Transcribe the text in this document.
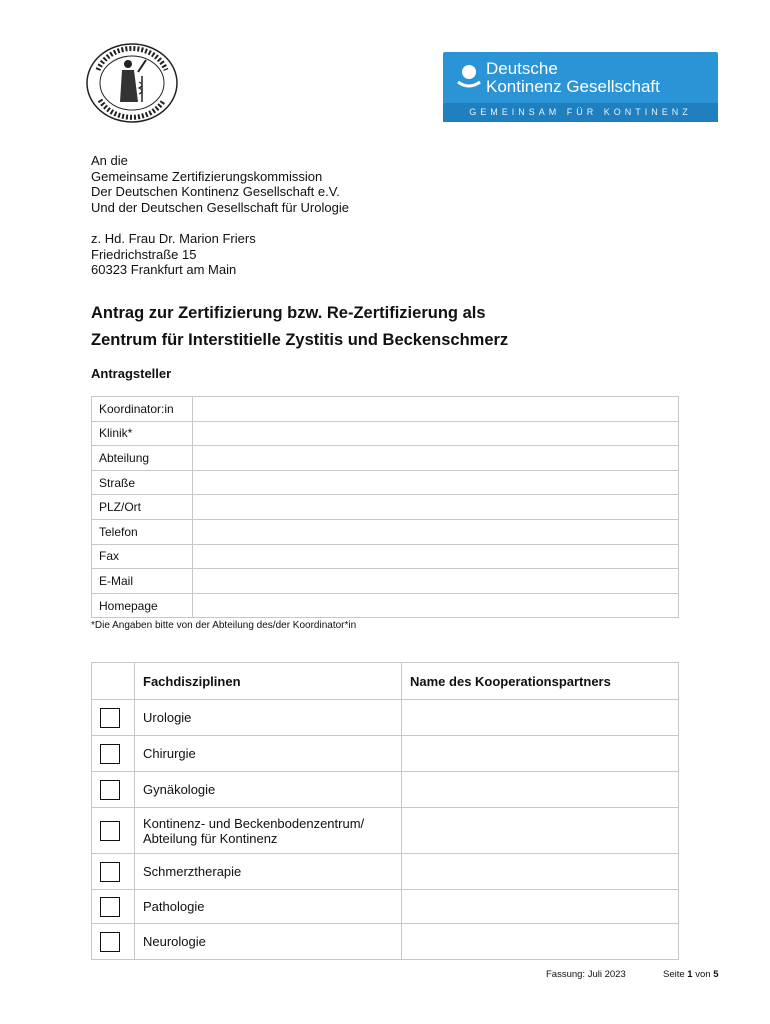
Deutsche
Kontinenz Gesellschaft
GEMEINSAM FÜR KONTINENZ
An die
Gemeinsame Zertifizierungskommission
Der Deutschen Kontinenz Gesellschaft e.V.
Und der Deutschen Gesellschaft für Urologie
z. Hd. Frau Dr. Marion Friers
Friedrichstraße 15
60323 Frankfurt am Main
Antrag zur Zertifizierung bzw. Re-Zertifizierung als
Zentrum für Interstitielle Zystitis und Beckenschmerz
Antragsteller
Koordinator:in	
Klinik*	
Abteilung	
Straße	
PLZ/Ort	
Telefon	
Fax	
E-Mail	
Homepage	
*Die Angaben bitte von der Abteilung des/der Koordinator*in
	Fachdisziplinen	Name des Kooperationspartners

	Urologie	

	Chirurgie	

	Gynäkologie	

	Kontinenz- und Beckenbodenzentrum/
Abteilung für Kontinenz	

	Schmerztherapie	

	Pathologie	

	Neurologie	
Fassung: Juli 2023	Seite 1 von 5
